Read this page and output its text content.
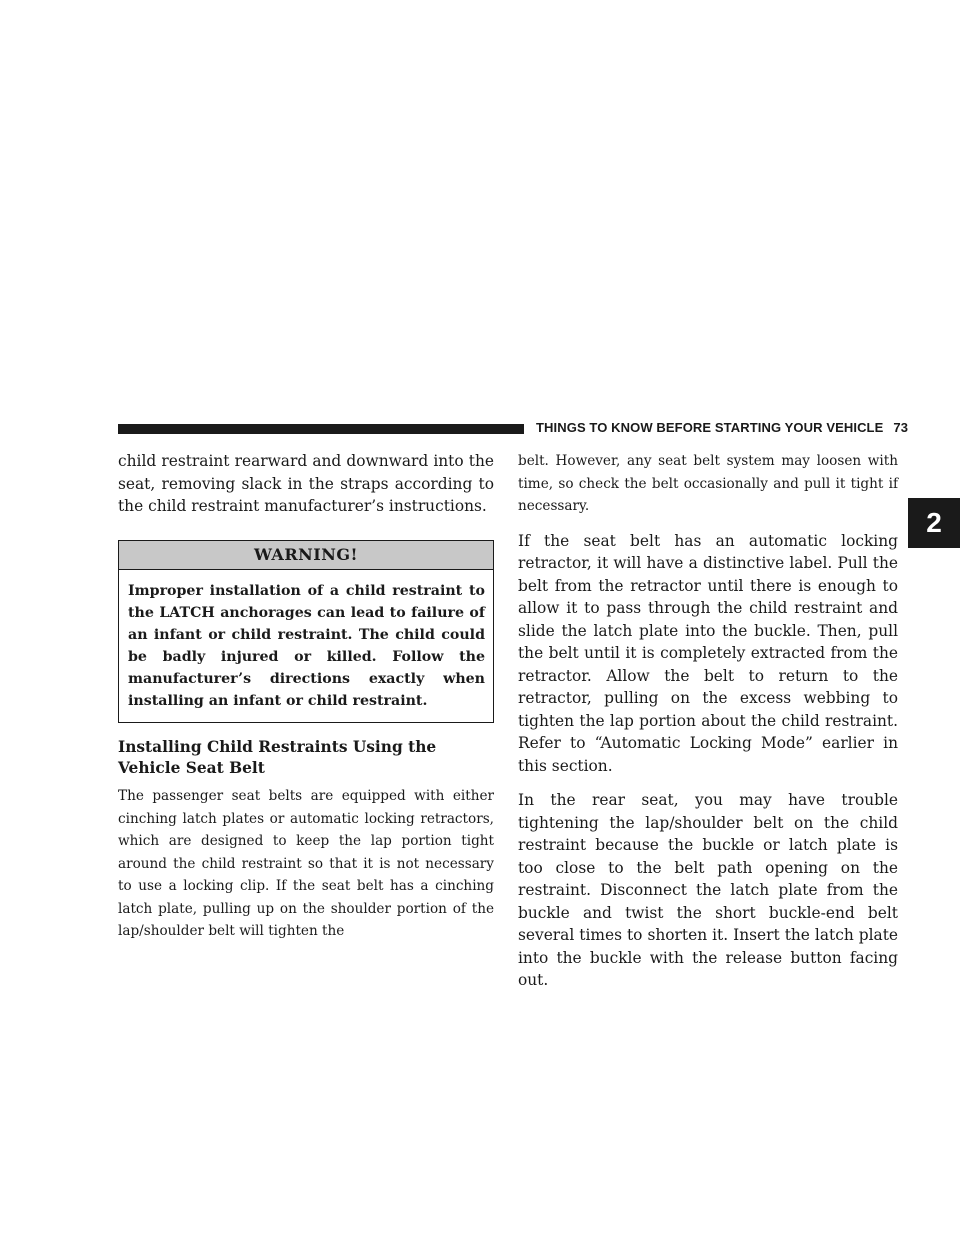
THINGS TO KNOW BEFORE STARTING YOUR VEHICLE 73
2

child restraint rearward and downward into the seat, removing slack in the straps according to the child restraint manufacturer’s instructions.

WARNING!
Improper installation of a child restraint to the LATCH anchorages can lead to failure of an infant or child restraint. The child could be badly injured or killed. Follow the manufacturer’s directions exactly when installing an infant or child restraint.
Installing Child Restraints Using the Vehicle Seat Belt

The passenger seat belts are equipped with either cinching latch plates or automatic locking retractors, which are designed to keep the lap portion tight around the child restraint so that it is not necessary to use a locking clip. If the seat belt has a cinching latch plate, pulling up on the shoulder portion of the lap/shoulder belt will tighten the

belt. However, any seat belt system may loosen with time, so check the belt occasionally and pull it tight if necessary.

If the seat belt has an automatic locking retractor, it will have a distinctive label. Pull the belt from the retractor until there is enough to allow it to pass through the child restraint and slide the latch plate into the buckle. Then, pull the belt until it is completely extracted from the retractor. Allow the belt to return to the retractor, pulling on the excess webbing to tighten the lap portion about the child restraint. Refer to “Automatic Locking Mode” earlier in this section.

In the rear seat, you may have trouble tightening the lap/shoulder belt on the child restraint because the buckle or latch plate is too close to the belt path opening on the restraint. Disconnect the latch plate from the buckle and twist the short buckle-end belt several times to shorten it. Insert the latch plate into the buckle with the release button facing out.
